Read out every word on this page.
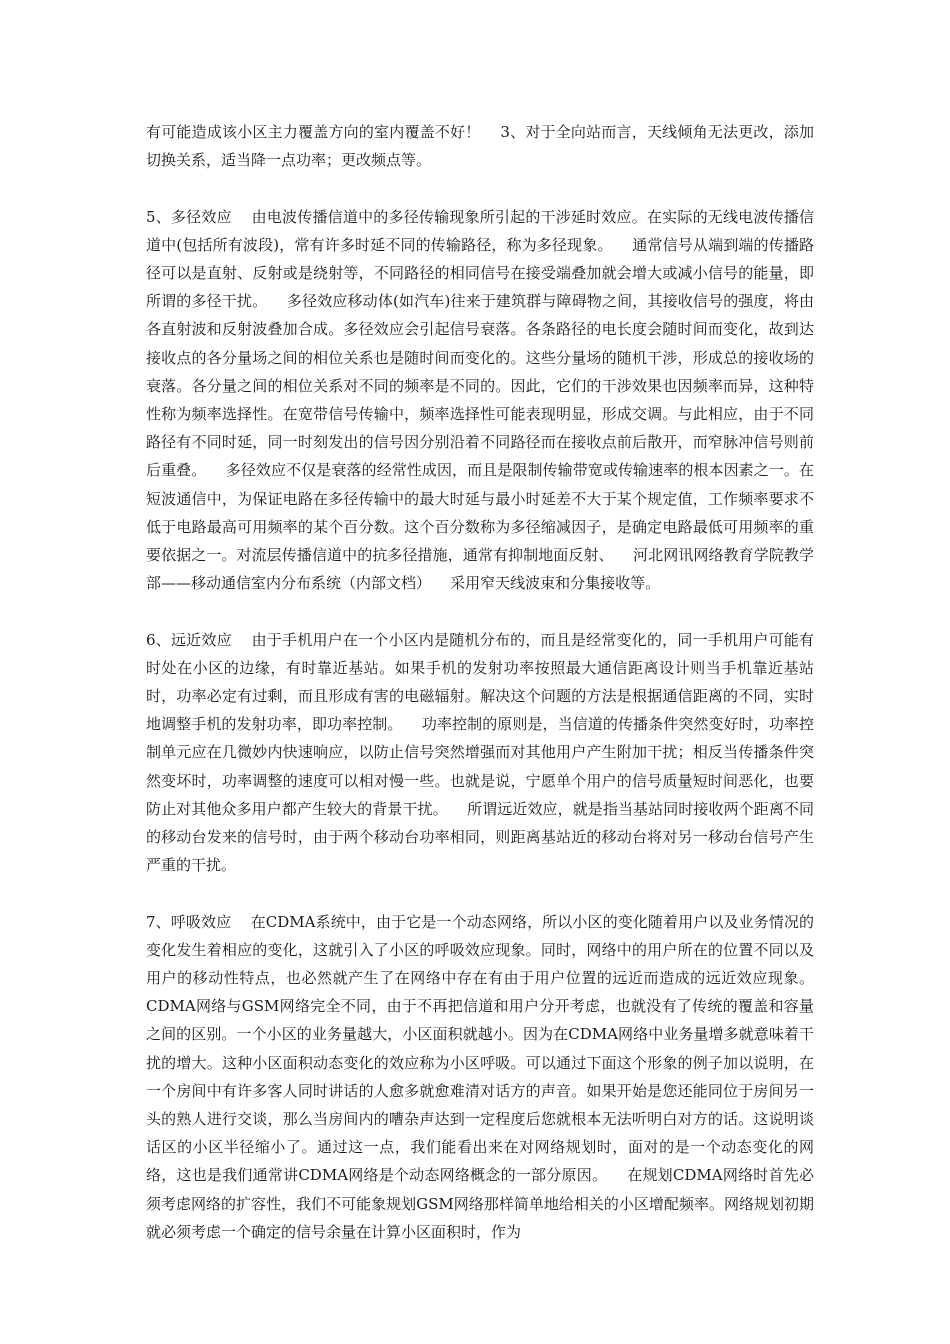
有可能造成该小区主力覆盖方向的室内覆盖不好！    3、对于全向站而言，天线倾角无法更改，添加切换关系，适当降一点功率；更改频点等。

5、多径效应    由电波传播信道中的多径传输现象所引起的干涉延时效应。在实际的无线电波传播信道中(包括所有波段)，常有许多时延不同的传输路径，称为多径现象。    通常信号从端到端的传播路径可以是直射、反射或是绕射等，不同路径的相同信号在接受端叠加就会增大或减小信号的能量，即所谓的多径干扰。    多径效应移动体(如汽车)往来于建筑群与障碍物之间，其接收信号的强度，将由各直射波和反射波叠加合成。多径效应会引起信号衰落。各条路径的电长度会随时间而变化，故到达接收点的各分量场之间的相位关系也是随时间而变化的。这些分量场的随机干涉，形成总的接收场的衰落。各分量之间的相位关系对不同的频率是不同的。因此，它们的干涉效果也因频率而异，这种特性称为频率选择性。在宽带信号传输中，频率选择性可能表现明显，形成交调。与此相应，由于不同路径有不同时延，同一时刻发出的信号因分别沿着不同路径而在接收点前后散开，而窄脉冲信号则前后重叠。    多径效应不仅是衰落的经常性成因，而且是限制传输带宽或传输速率的根本因素之一。在短波通信中，为保证电路在多径传输中的最大时延与最小时延差不大于某个规定值，工作频率要求不低于电路最高可用频率的某个百分数。这个百分数称为多径缩减因子，是确定电路最低可用频率的重要依据之一。对流层传播信道中的抗多径措施，通常有抑制地面反射、    河北网讯网络教育学院教学部——移动通信室内分布系统（内部文档）    采用窄天线波束和分集接收等。

6、远近效应    由于手机用户在一个小区内是随机分布的，而且是经常变化的，同一手机用户可能有时处在小区的边缘，有时靠近基站。如果手机的发射功率按照最大通信距离设计则当手机靠近基站时，功率必定有过剩，而且形成有害的电磁辐射。解决这个问题的方法是根据通信距离的不同，实时地调整手机的发射功率，即功率控制。    功率控制的原则是，当信道的传播条件突然变好时，功率控制单元应在几微妙内快速响应，以防止信号突然增强而对其他用户产生附加干扰；相反当传播条件突然变坏时，功率调整的速度可以相对慢一些。也就是说，宁愿单个用户的信号质量短时间恶化，也要防止对其他众多用户都产生较大的背景干扰。    所谓远近效应，就是指当基站同时接收两个距离不同的移动台发来的信号时，由于两个移动台功率相同，则距离基站近的移动台将对另一移动台信号产生严重的干扰。

7、呼吸效应    在CDMA系统中，由于它是一个动态网络，所以小区的变化随着用户以及业务情况的变化发生着相应的变化，这就引入了小区的呼吸效应现象。同时，网络中的用户所在的位置不同以及用户的移动性特点，也必然就产生了在网络中存在有由于用户位置的远近而造成的远近效应现象。    CDMA网络与GSM网络完全不同，由于不再把信道和用户分开考虑，也就没有了传统的覆盖和容量之间的区别。一个小区的业务量越大，小区面积就越小。因为在CDMA网络中业务量增多就意味着干扰的增大。这种小区面积动态变化的效应称为小区呼吸。可以通过下面这个形象的例子加以说明，在一个房间中有许多客人同时讲话的人愈多就愈难清对话方的声音。如果开始是您还能同位于房间另一头的熟人进行交谈，那么当房间内的嘈杂声达到一定程度后您就根本无法听明白对方的话。这说明谈话区的小区半径缩小了。通过这一点，我们能看出来在对网络规划时，面对的是一个动态变化的网络，这也是我们通常讲CDMA网络是个动态网络概念的一部分原因。    在规划CDMA网络时首先必须考虑网络的扩容性，我们不可能象规划GSM网络那样简单地给相关的小区增配频率。网络规划初期就必须考虑一个确定的信号余量在计算小区面积时，作为
